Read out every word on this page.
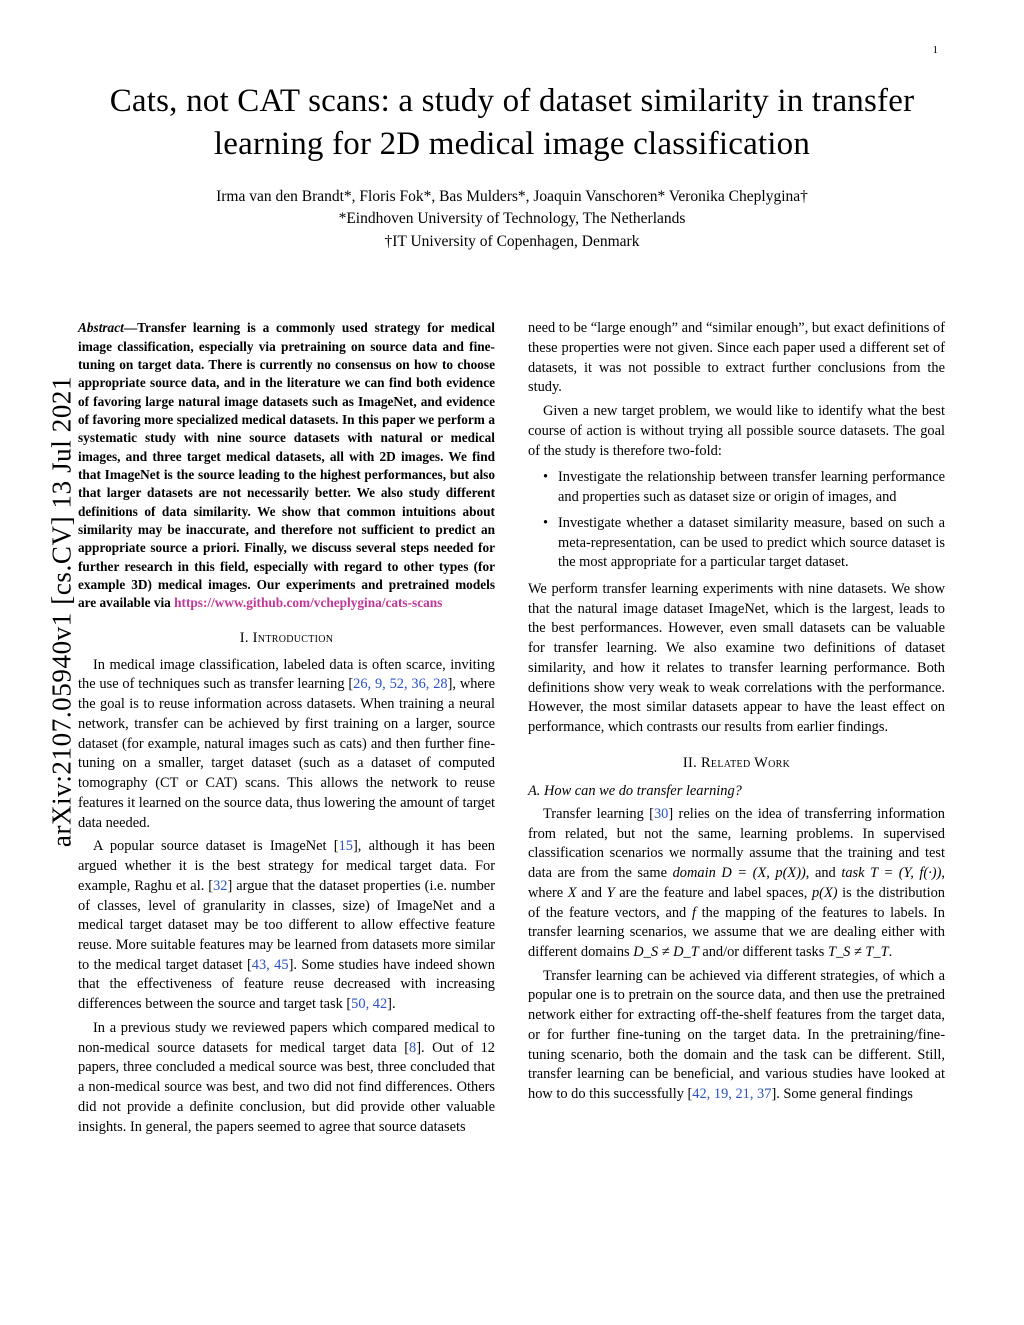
1
arXiv:2107.05940v1 [cs.CV] 13 Jul 2021
Cats, not CAT scans: a study of dataset similarity in transfer learning for 2D medical image classification
Irma van den Brandt*, Floris Fok*, Bas Mulders*, Joaquin Vanschoren* Veronika Cheplygina†
*Eindhoven University of Technology, The Netherlands
†IT University of Copenhagen, Denmark

Abstract—Transfer learning is a commonly used strategy for medical image classification, especially via pretraining on source data and fine-tuning on target data. There is currently no consensus on how to choose appropriate source data, and in the literature we can find both evidence of favoring large natural image datasets such as ImageNet, and evidence of favoring more specialized medical datasets. In this paper we perform a systematic study with nine source datasets with natural or medical images, and three target medical datasets, all with 2D images. We find that ImageNet is the source leading to the highest performances, but also that larger datasets are not necessarily better. We also study different definitions of data similarity. We show that common intuitions about similarity may be inaccurate, and therefore not sufficient to predict an appropriate source a priori. Finally, we discuss several steps needed for further research in this field, especially with regard to other types (for example 3D) medical images. Our experiments and pretrained models are available via https://www.github.com/vcheplygina/cats-scans

I. Introduction

In medical image classification, labeled data is often scarce, inviting the use of techniques such as transfer learning [26, 9, 52, 36, 28], where the goal is to reuse information across datasets. When training a neural network, transfer can be achieved by first training on a larger, source dataset (for example, natural images such as cats) and then further fine-tuning on a smaller, target dataset (such as a dataset of computed tomography (CT or CAT) scans. This allows the network to reuse features it learned on the source data, thus lowering the amount of target data needed.

A popular source dataset is ImageNet [15], although it has been argued whether it is the best strategy for medical target data. For example, Raghu et al. [32] argue that the dataset properties (i.e. number of classes, level of granularity in classes, size) of ImageNet and a medical target dataset may be too different to allow effective feature reuse. More suitable features may be learned from datasets more similar to the medical target dataset [43, 45]. Some studies have indeed shown that the effectiveness of feature reuse decreased with increasing differences between the source and target task [50, 42].

In a previous study we reviewed papers which compared medical to non-medical source datasets for medical target data [8]. Out of 12 papers, three concluded a medical source was best, three concluded that a non-medical source was best, and two did not find differences. Others did not provide a definite conclusion, but did provide other valuable insights. In general, the papers seemed to agree that source datasets

need to be “large enough” and “similar enough”, but exact definitions of these properties were not given. Since each paper used a different set of datasets, it was not possible to extract further conclusions from the study.

Given a new target problem, we would like to identify what the best course of action is without trying all possible source datasets. The goal of the study is therefore two-fold:

• Investigate the relationship between transfer learning performance and properties such as dataset size or origin of images, and
• Investigate whether a dataset similarity measure, based on such a meta-representation, can be used to predict which source dataset is the most appropriate for a particular target dataset.

We perform transfer learning experiments with nine datasets. We show that the natural image dataset ImageNet, which is the largest, leads to the best performances. However, even small datasets can be valuable for transfer learning. We also examine two definitions of dataset similarity, and how it relates to transfer learning performance. Both definitions show very weak to weak correlations with the performance. However, the most similar datasets appear to have the least effect on performance, which contrasts our results from earlier findings.

II. Related Work
A. How can we do transfer learning?

Transfer learning [30] relies on the idea of transferring information from related, but not the same, learning problems. In supervised classification scenarios we normally assume that the training and test data are from the same domain D = (X, p(X)), and task T = (Y, f(·)), where X and Y are the feature and label spaces, p(X) is the distribution of the feature vectors, and f the mapping of the features to labels. In transfer learning scenarios, we assume that we are dealing either with different domains D_S ≠ D_T and/or different tasks T_S ≠ T_T.

Transfer learning can be achieved via different strategies, of which a popular one is to pretrain on the source data, and then use the pretrained network either for extracting off-the-shelf features from the target data, or for further fine-tuning on the target data. In the pretraining/fine-tuning scenario, both the domain and the task can be different. Still, transfer learning can be beneficial, and various studies have looked at how to do this successfully [42, 19, 21, 37]. Some general findings
